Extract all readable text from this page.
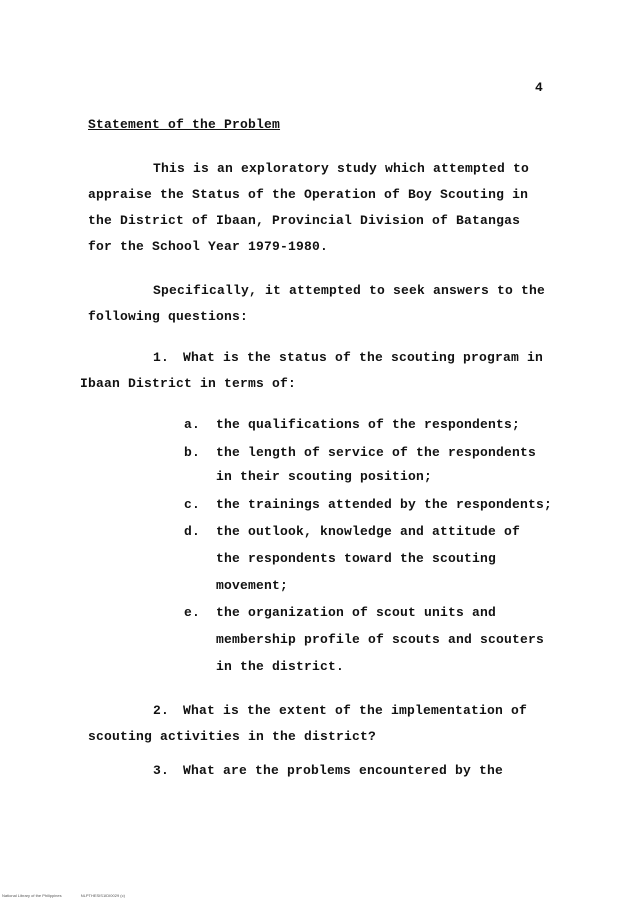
4
Statement of the Problem
This is an exploratory study which attempted to
appraise the Status of the Operation of Boy Scouting in
the District of Ibaan, Provincial Division of Batangas
for the School Year 1979-1980.
Specifically, it attempted to seek answers to the
following questions:
1. What is the status of the scouting program in
Ibaan District in terms of:
a. the qualifications of the respondents;
b. the length of service of the respondents
in their scouting position;
c. the trainings attended by the respondents;
d. the outlook, knowledge and attitude of
the respondents toward the scouting
movement;
e. the organization of scout units and
membership profile of scouts and scouters
in the district.
2. What is the extent of the implementation of
scouting activities in the district?
3. What are the problems encountered by the
National Library of the Philippines	NLPTHESIS1IDI0029 (c)
